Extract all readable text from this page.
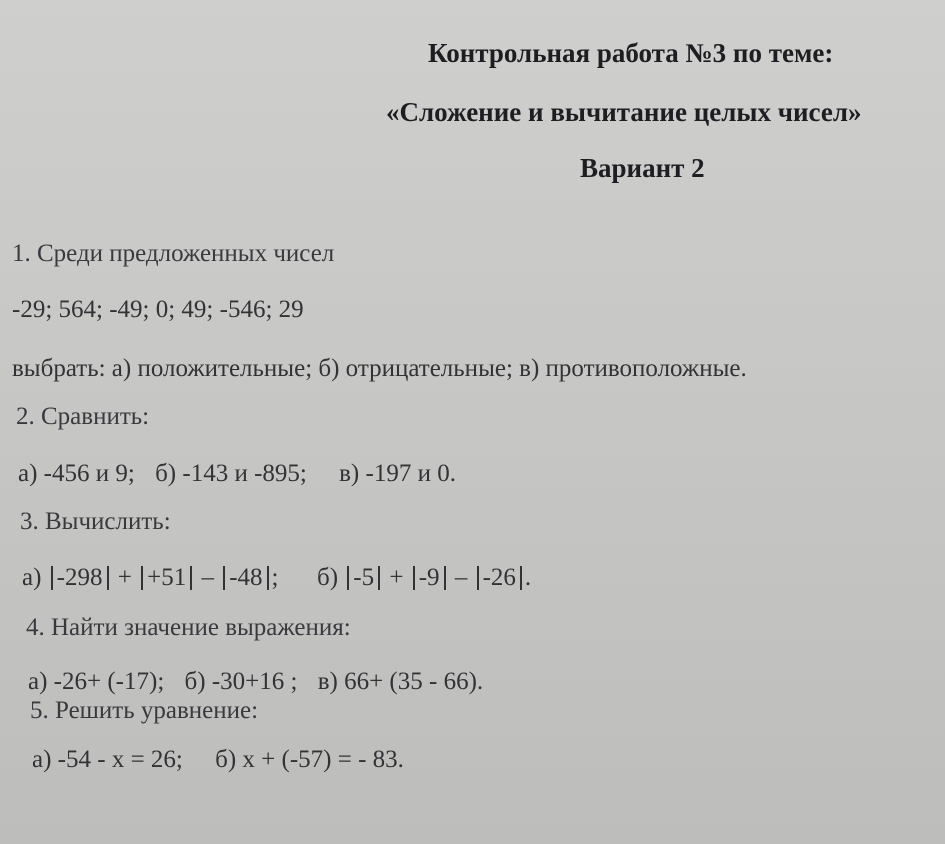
Контрольная работа №3 по теме:
«Сложение и вычитание целых чисел»
Вариант 2
1. Среди предложенных чисел
-29; 564; -49; 0; 49; -546; 29
выбрать: а) положительные; б) отрицательные; в) противоположные.
2. Сравнить:
а) -456 и 9; б) -143 и -895; в) -197 и 0.
3. Вычислить:
а) -298 + +51 – -48 ; б) -5 + -9 – -26 .
4. Найти значение выражения:
а) -26+ (-17); б) -30+16 ; в) 66+ (35 - 66).
5. Решить уравнение:
а) -54 - х = 26; б) х + (-57) = - 83.
